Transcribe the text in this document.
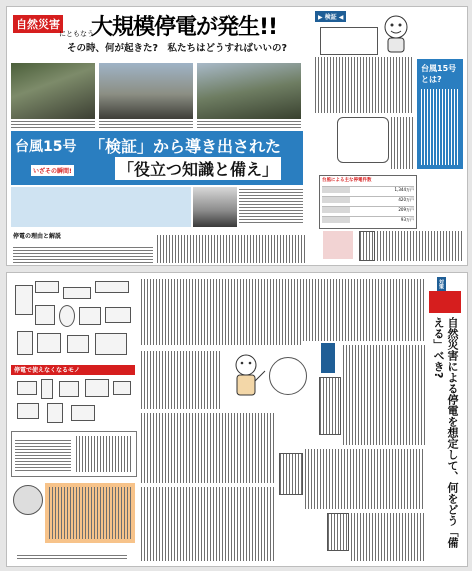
自然災害
にともなう
大規模停電が発生!!
その時、何が起きた?　私たちはどうすればいいの?
台風15号
いざその瞬間!
「検証」から導き出された
「役立つ知識と備え」
停電の理由と解説
▶ 検証 ◀
台風15号とは?
台風による主な停電件数
1,344万戸
420万戸
209万戸
93万戸
停電で使えなくなるモノ	自然災害による停電を想定して、何をどう「備える」べき?
対策
